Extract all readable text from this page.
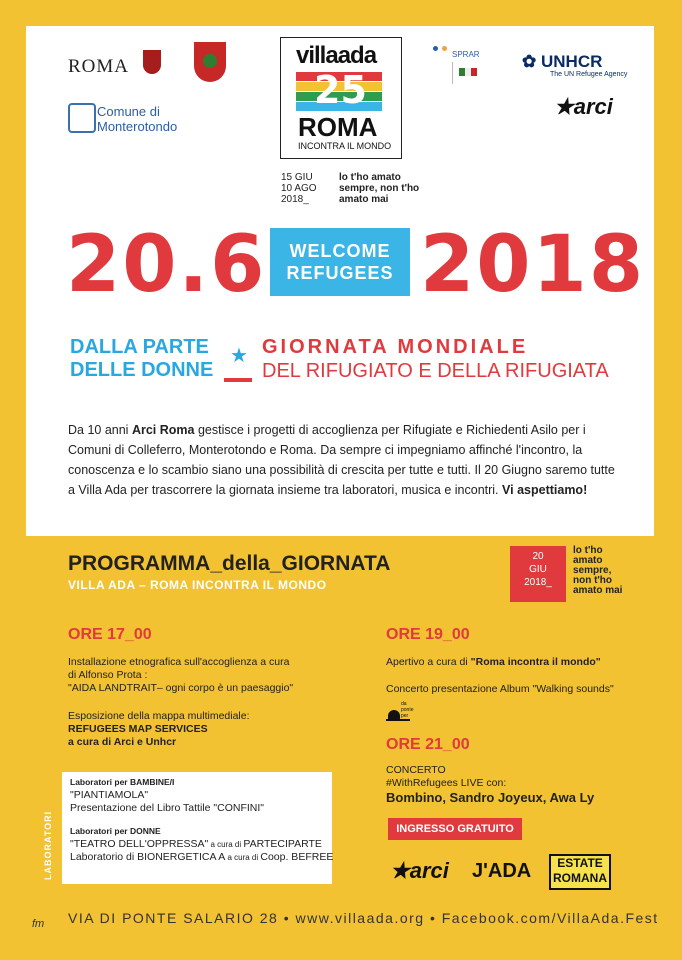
ROMA
Comune di
Monterotondo
villaada
25
ROMA
INCONTRA IL MONDO
15 GIU
10 AGO
2018_
lo t'ho amato
sempre, non t'ho
amato mai

SPRAR ✿ UNHCR
The UN Refugee Agency
★arci
20.6	WELCOME
REFUGEES 2018
DALLA PARTE
DELLE DONNE
★ GIORNATA MONDIALE
DEL RIFUGIATO E DELLA RIFUGIATA
Da 10 anni Arci Roma gestisce i progetti di accoglienza per Rifugiate e Richiedenti Asilo per i Comuni di Colleferro, Monterotondo e Roma. Da sempre ci impegniamo affinché l'incontro, la conoscenza e lo scambio siano una possibilità di crescita per tutte e tutti. Il 20 Giugno saremo tutte a Villa Ada per trascorrere la giornata insieme tra laboratori, musica e incontri. Vi aspettiamo!
PROGRAMMA_della_GIORNATA
VILLA ADA – ROMA INCONTRA IL MONDO
20
GIU
2018_
lo t'ho
amato
sempre,
non t'ho
amato mai
ORE 17_00
Installazione etnografica sull'accoglienza a cura
di Alfonso Prota :
"AIDA LANDTRAIT– ogni corpo è un paesaggio"
Esposizione della mappa multimediale:
REFUGEES MAP SERVICES
a cura di Arci e Unhcr
LABORATORI
Laboratori per BAMBINE/I
"PIANTIAMOLA"
Presentazione del Libro Tattile "CONFINI"
Laboratori per DONNE
"TEATRO DELL'OPPRESSA" a cura di PARTECIPARTE
Laboratorio di BIONERGETICA A a cura di Coop. BEFREE
ORE 19_00
Apertivo a cura di "Roma incontra il mondo"
Concerto presentazione Album "Walking sounds"
da ponte per
ORE 21_00
CONCERTO
#WithRefugees LIVE con:
Bombino, Sandro Joyeux, Awa Ly
INGRESSO GRATUITO
★arci J'ADA	ESTATE
ROMANA
fm VIA DI PONTE SALARIO 28 • www.villaada.org • Facebook.com/VillaAda.Fest
